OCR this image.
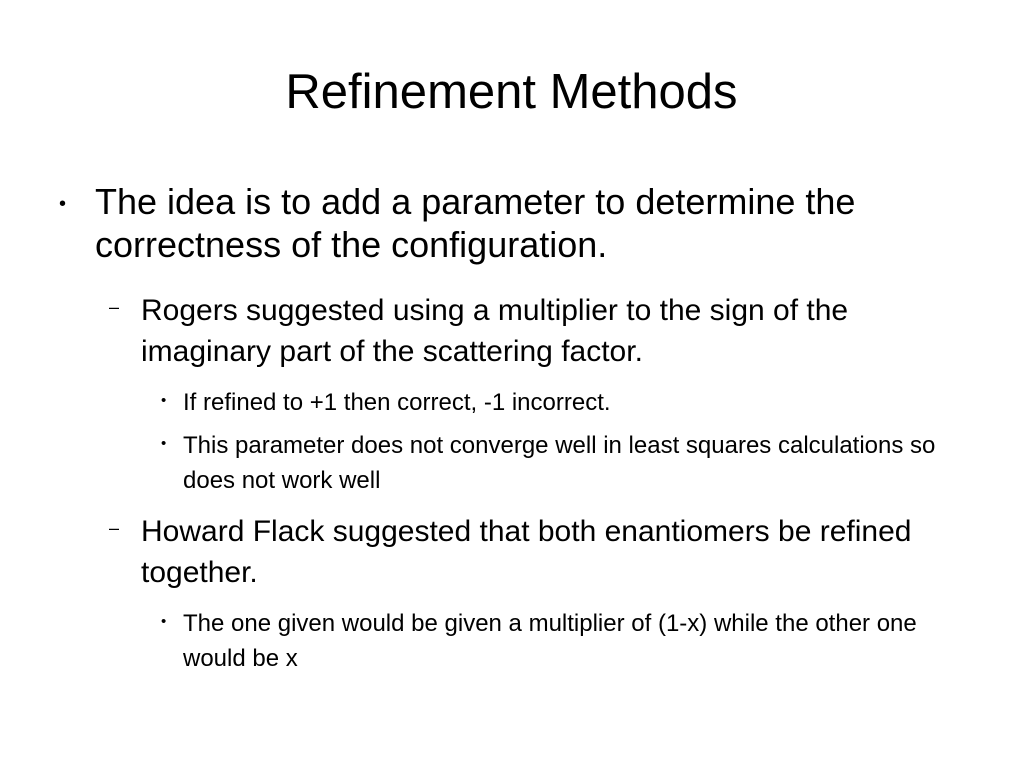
Refinement Methods
• The idea is to add a parameter to determine the correctness of the configuration.

– Rogers suggested using a multiplier to the sign of the imaginary part of the scattering factor.

• If refined to +1 then correct, -1 incorrect.

• This parameter does not converge well in least squares calculations so does not work well

– Howard Flack suggested that both enantiomers be refined together.

• The one given would be given a multiplier of (1-x) while the other one would be x
